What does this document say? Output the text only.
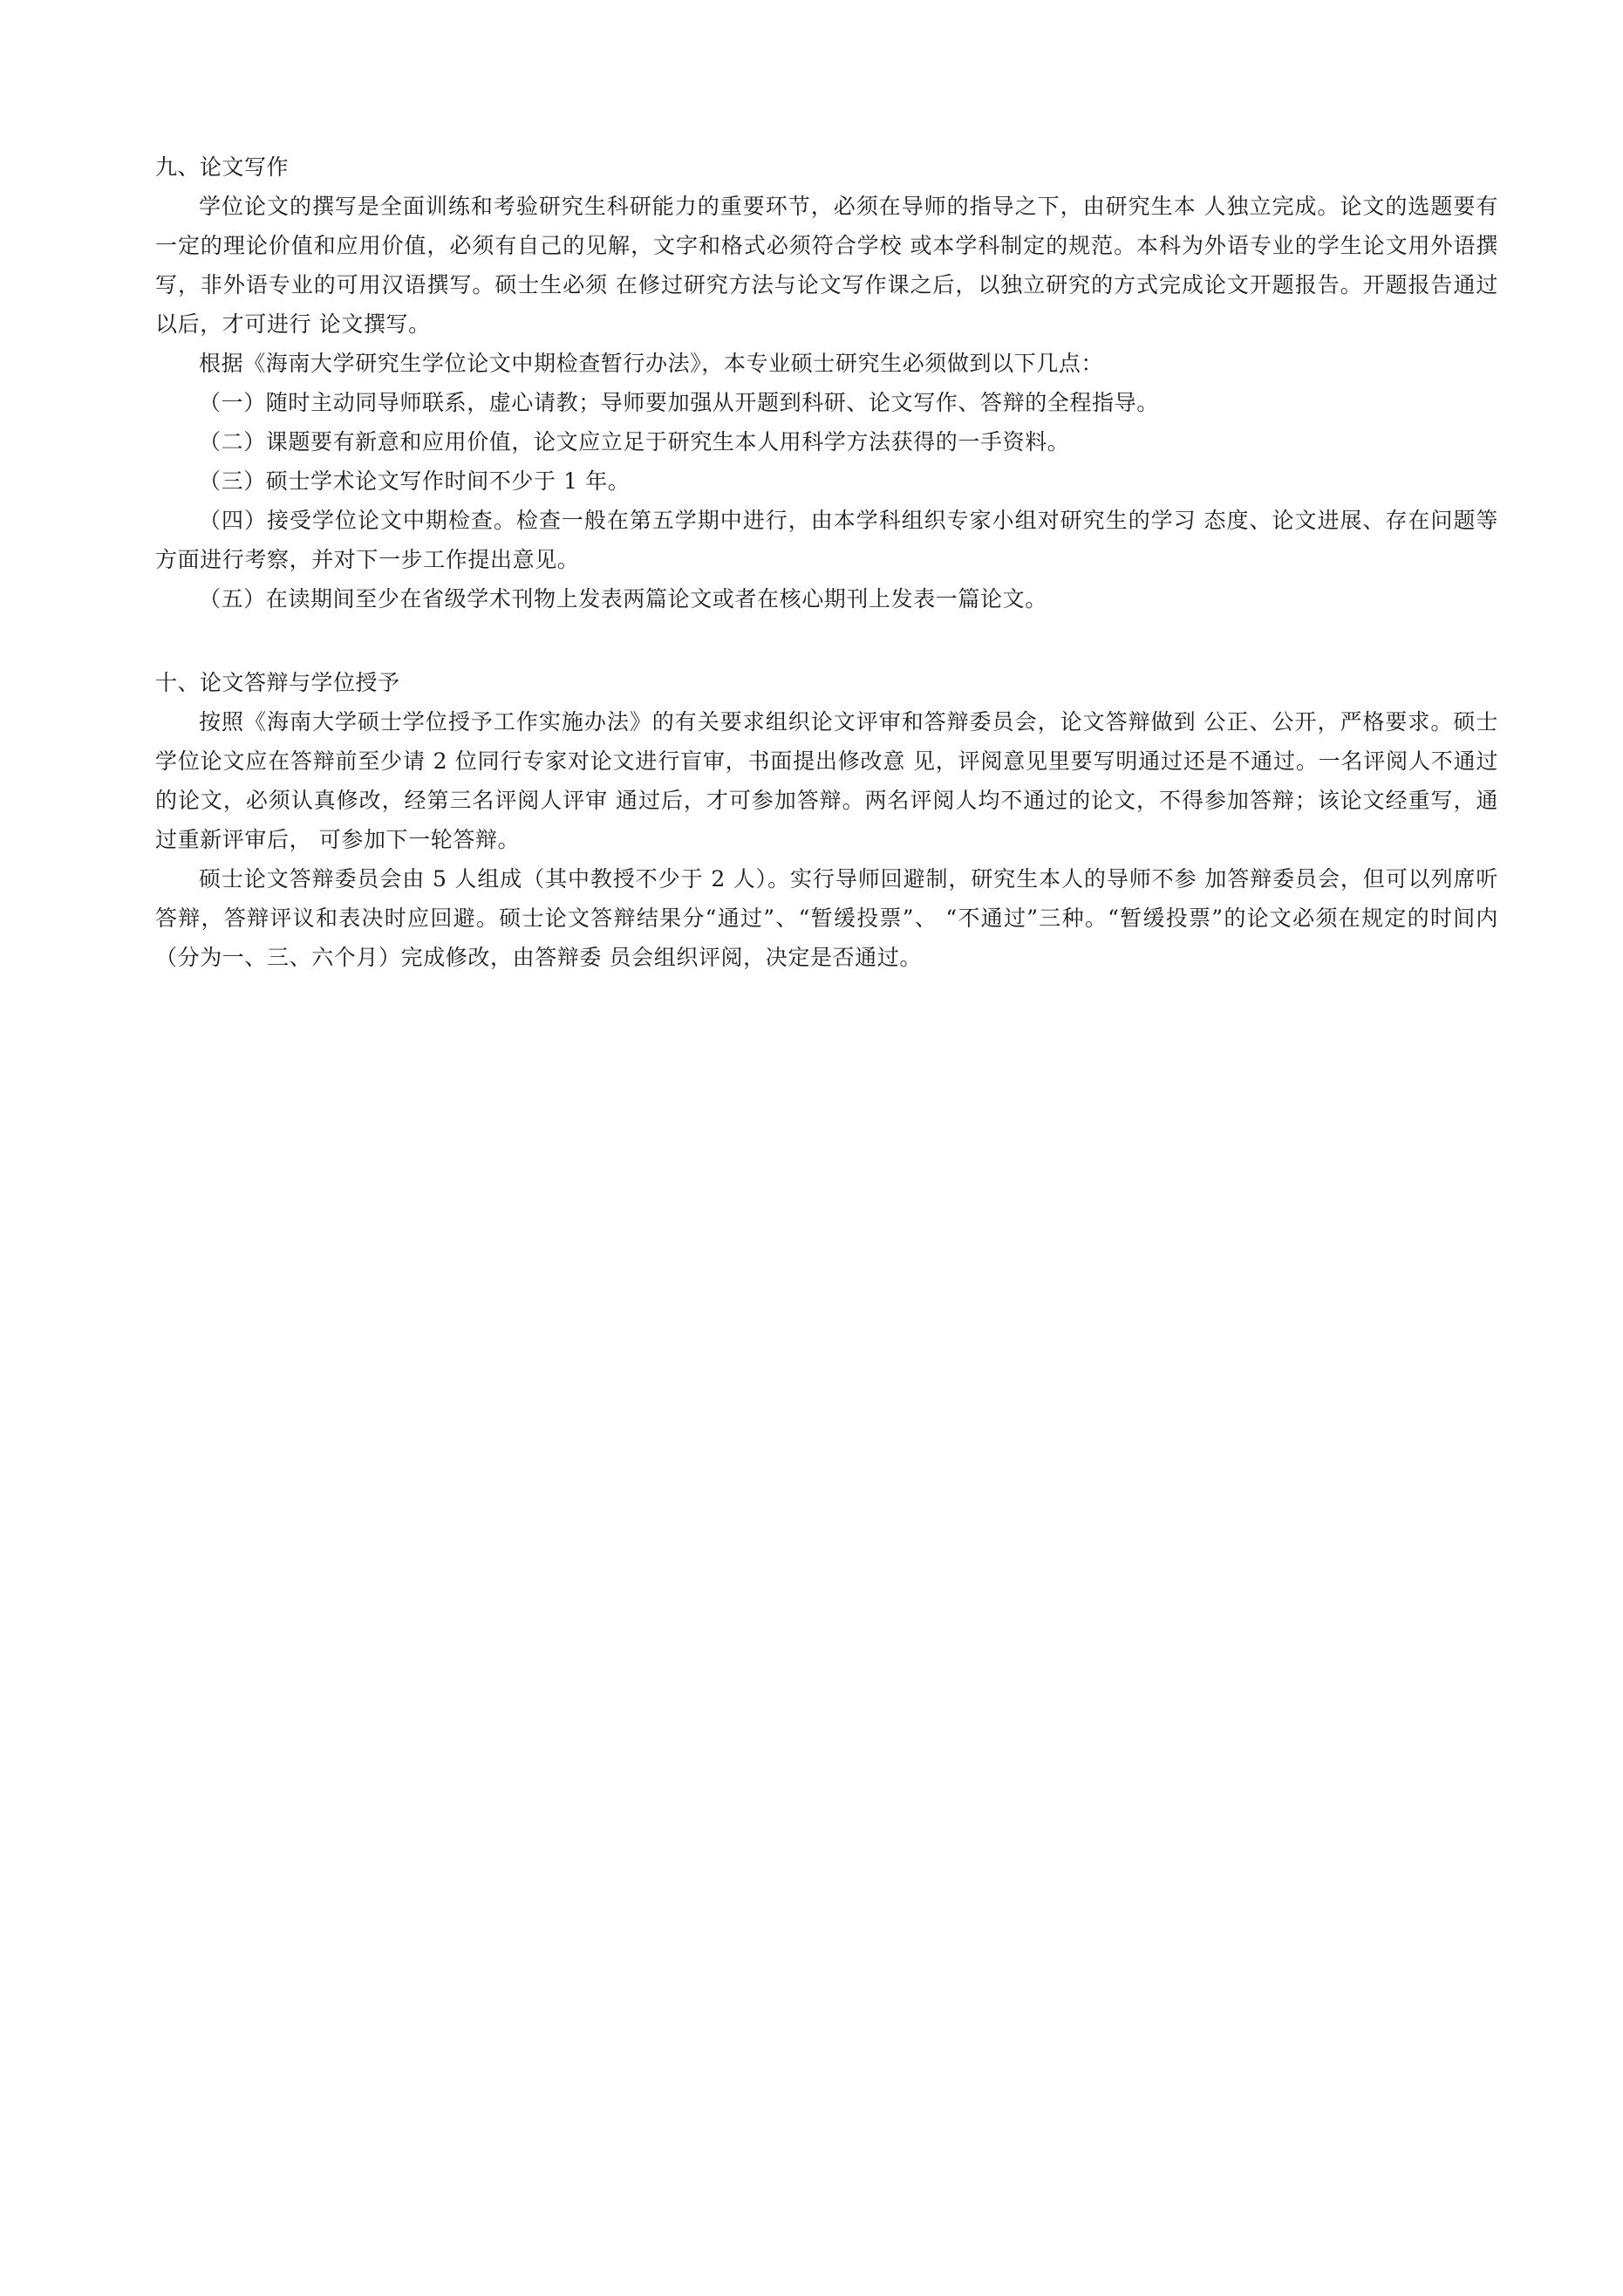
九、论文写作

学位论文的撰写是全面训练和考验研究生科研能力的重要环节，必须在导师的指导之下，由研究生本 人独立完成。论文的选题要有一定的理论价值和应用价值，必须有自己的见解，文字和格式必须符合学校 或本学科制定的规范。本科为外语专业的学生论文用外语撰写，非外语专业的可用汉语撰写。硕士生必须 在修过研究方法与论文写作课之后，以独立研究的方式完成论文开题报告。开题报告通过以后，才可进行 论文撰写。

根据《海南大学研究生学位论文中期检查暂行办法》，本专业硕士研究生必须做到以下几点：

（一）随时主动同导师联系，虚心请教；导师要加强从开题到科研、论文写作、答辩的全程指导。

（二）课题要有新意和应用价值，论文应立足于研究生本人用科学方法获得的一手资料。

（三）硕士学术论文写作时间不少于 1 年。

（四）接受学位论文中期检查。检查一般在第五学期中进行，由本学科组织专家小组对研究生的学习 态度、论文进展、存在问题等方面进行考察，并对下一步工作提出意见。

（五）在读期间至少在省级学术刊物上发表两篇论文或者在核心期刊上发表一篇论文。

十、论文答辩与学位授予

按照《海南大学硕士学位授予工作实施办法》的有关要求组织论文评审和答辩委员会，论文答辩做到 公正、公开，严格要求。硕士学位论文应在答辩前至少请 2 位同行专家对论文进行盲审，书面提出修改意 见，评阅意见里要写明通过还是不通过。一名评阅人不通过的论文，必须认真修改，经第三名评阅人评审 通过后，才可参加答辩。两名评阅人均不通过的论文，不得参加答辩；该论文经重写，通过重新评审后， 可参加下一轮答辩。

硕士论文答辩委员会由 5 人组成（其中教授不少于 2 人）。实行导师回避制，研究生本人的导师不参 加答辩委员会，但可以列席听答辩，答辩评议和表决时应回避。硕士论文答辩结果分“通过”、“暂缓投票”、 “不通过”三种。“暂缓投票”的论文必须在规定的时间内（分为一、三、六个月）完成修改，由答辩委 员会组织评阅，决定是否通过。
